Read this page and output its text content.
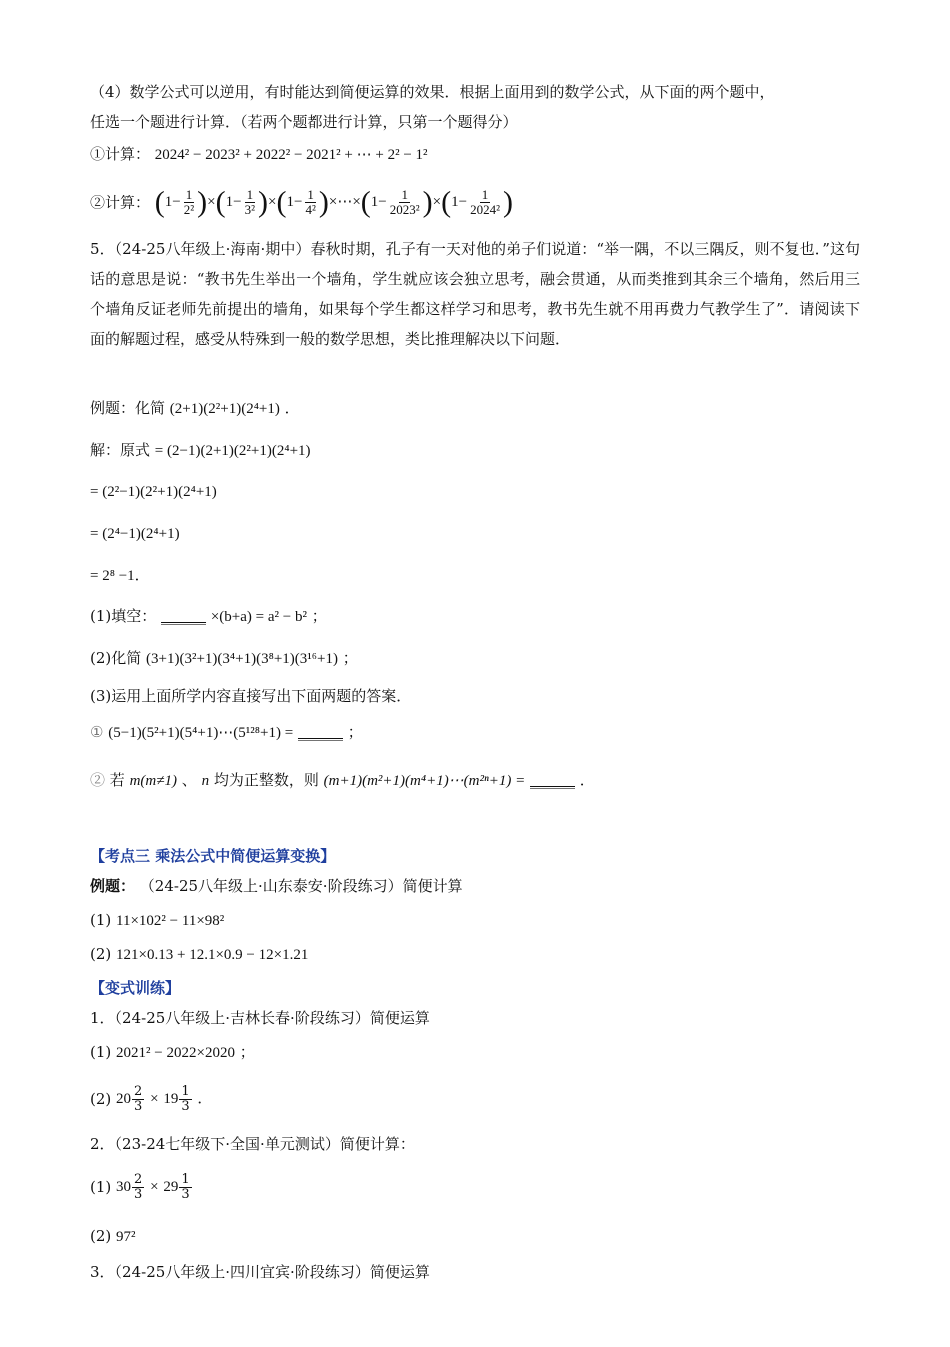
（4）数学公式可以逆用，有时能达到简便运算的效果．根据上面用到的数学公式，从下面的两个题中，
任选一个题进行计算．（若两个题都进行计算，只第一个题得分）
①计算： 2024² − 2023² + 2022² − 2021² + ⋯ + 2² − 1²
②计算： $(1- \frac{1}{\text{2²}} )\times(1- \frac{1}{\text{3²}} )\times(1- \frac{1}{\text{4²}}$ )×⋯×(1− $\frac{1}{\text{2023²}} )\times(1- \frac{1}{\text{2024²}}$ )
5．（24-25八年级上·海南·期中）春秋时期，孔子有一天对他的弟子们说道：“举一隅，不以三隅反，则不复也．”这句话的意思是说：“教书先生举出一个墙角，学生就应该会独立思考，融会贯通，从而类推到其余三个墙角，然后用三个墙角反证老师先前提出的墙角，如果每个学生都这样学习和思考，教书先生就不用再费力气教学生了”．请阅读下面的解题过程，感受从特殊到一般的数学思想，类比推理解决以下问题．
例题：化简 (2+1)(2²+1)(2⁴+1) ．
解：原式 = (2−1)(2+1)(2²+1)(2⁴+1)
= (2²−1)(2²+1)(2⁴+1)
= (2⁴−1)(2⁴+1)
= 2⁸ −1．
(1)填空： ______ ×(b+a) = a² − b² ；
(2)化简 (3+1)(3²+1)(3⁴+1)(3⁸+1)(3¹⁶+1) ；
(3)运用上面所学内容直接写出下面两题的答案．
① (5−1)(5²+1)(5⁴+1)⋯(5¹²⁸+1) = ______ ；
② 若 m(m≠1) 、 n 均为正整数，则 (m+1)(m²+1)(m⁴+1)⋯(m²ⁿ+1) = ______ ．
【考点三 乘法公式中简便运算变换】
例题： （24-25八年级上·山东泰安·阶段练习）简便计算
(1) 11×102² − 11×98²
(2) 121×0.13 + 12.1×0.9 − 12×1.21
【变式训练】
1．（24-25八年级上·吉林长春·阶段练习）简便运算
(1) 2021² − 2022×2020 ；
(2) $20 \frac{2}{3} \times 19 \frac{1}{3}$ ．
2．（23-24七年级下·全国·单元测试）简便计算：
(1) $30 \frac{2}{3} \times 29 \frac{1}{3}$
(2) 97²
3．（24-25八年级上·四川宜宾·阶段练习）简便运算
